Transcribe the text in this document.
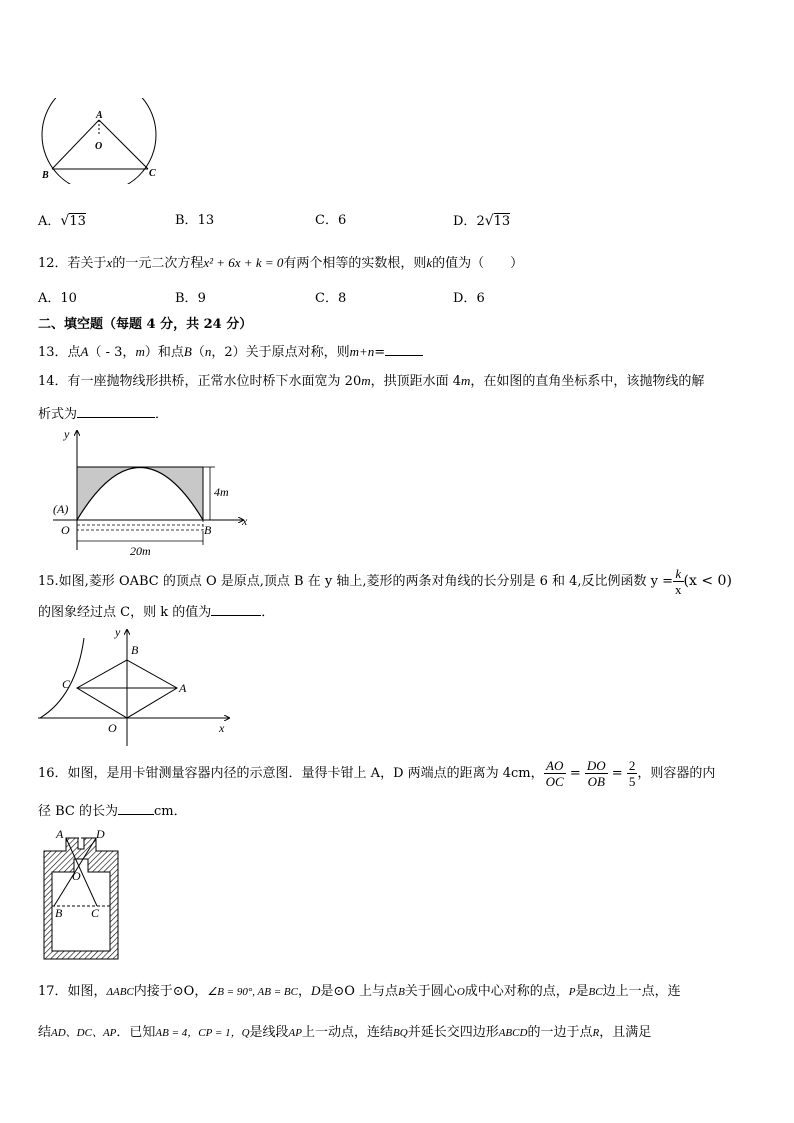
A
O
B	C
A．√13	B．13	C．6	D．2√13
12．若关于x的一元二次方程x² + 6x + k = 0有两个相等的实数根，则k的值为（　　）
A．10	B．9	C．8	D．6
二、填空题（每题 4 分，共 24 分）
13．点A（ - 3，m）和点B（n，2）关于原点对称，则m+n=
14．有一座抛物线形拱桥，正常水位时桥下水面宽为 20m，拱顶距水面 4m，在如图的直角坐标系中，该抛物线的解
析式为	．
y
x
(A)
O	B
4m
20m
15.如图,菱形 OABC 的顶点 O 是原点,顶点 B 在 y 轴上,菱形的两条对角线的长分别是 6 和 4,反比例函数 $y = \frac{k}{x} (x < 0)$
的图象经过点 C，则 k 的值为	．
y
x
B
C	A
O
16．如图，是用卡钳测量容器内径的示意图．量得卡钳上 A，D 两端点的距离为 4cm， $\frac{AO}{OC} = \frac{DO}{OB} = \frac{2}{5}$ ，则容器的内
径 BC 的长为	cm．
A	D
O
B C
17．如图，ΔABC内接于⊙O，∠B = 90°, AB = BC，D是⊙O 上与点B关于圆心O成中心对称的点，P是BC边上一点，连
结AD、DC、AP．已知AB = 4，CP = 1，Q是线段AP上一动点，连结BQ并延长交四边形ABCD的一边于点R，且满足
